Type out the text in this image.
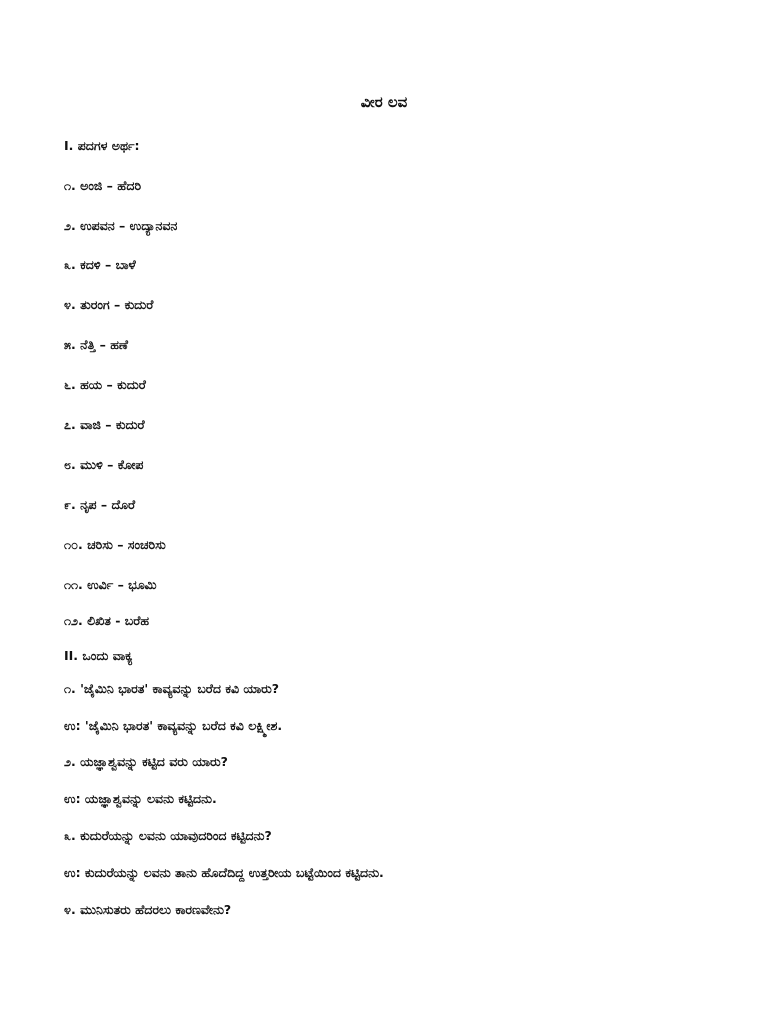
ವೀರ ಲವ
I. ಪದಗಳ ಅರ್ಥ:
೧. ಅಂಜಿ – ಹೆದರಿ
೨. ಉಪವನ – ಉದ್ಯಾನವನ
೩. ಕದಳಿ – ಬಾಳೆ
೪. ತುರಂಗ – ಕುದುರೆ
೫. ನೆತ್ತಿ – ಹಣೆ
೬. ಹಯ – ಕುದುರೆ
೭. ವಾಜಿ – ಕುದುರೆ
೮. ಮುಳಿ – ಕೋಪ
೯. ನೃಪ – ದೊರೆ
೧೦. ಚರಿಸು – ಸಂಚರಿಸು
೧೧. ಉರ್ವಿ – ಭೂಮಿ
೧೨. ಲಿಖಿತ - ಬರೆಹ
II. ಒಂದು ವಾಕ್ಯ
೧. 'ಜೈಮಿನಿ ಭಾರತ' ಕಾವ್ಯವನ್ನು ಬರೆದ ಕವಿ ಯಾರು?
ಉ: 'ಜೈಮಿನಿ ಭಾರತ' ಕಾವ್ಯವನ್ನು ಬರೆದ ಕವಿ ಲಕ್ಷ್ಮೀಶ.
೨. ಯಜ್ಞಾಶ್ವವನ್ನು ಕಟ್ಟಿದ ವರು ಯಾರು?
ಉ: ಯಜ್ಞಾಶ್ವವನ್ನು ಲವನು ಕಟ್ಟಿದನು.
೩. ಕುದುರೆಯನ್ನು ಲವನು ಯಾವುದರಿಂದ ಕಟ್ಟಿದನು?
ಉ: ಕುದುರೆಯನ್ನು ಲವನು ತಾನು ಹೊದೆದಿದ್ದ ಉತ್ತರೀಯ ಬಟ್ಟೆಯಿಂದ ಕಟ್ಟಿದನು.
೪. ಮುನಿಸುತರು ಹೆದರಲು ಕಾರಣವೇನು?
